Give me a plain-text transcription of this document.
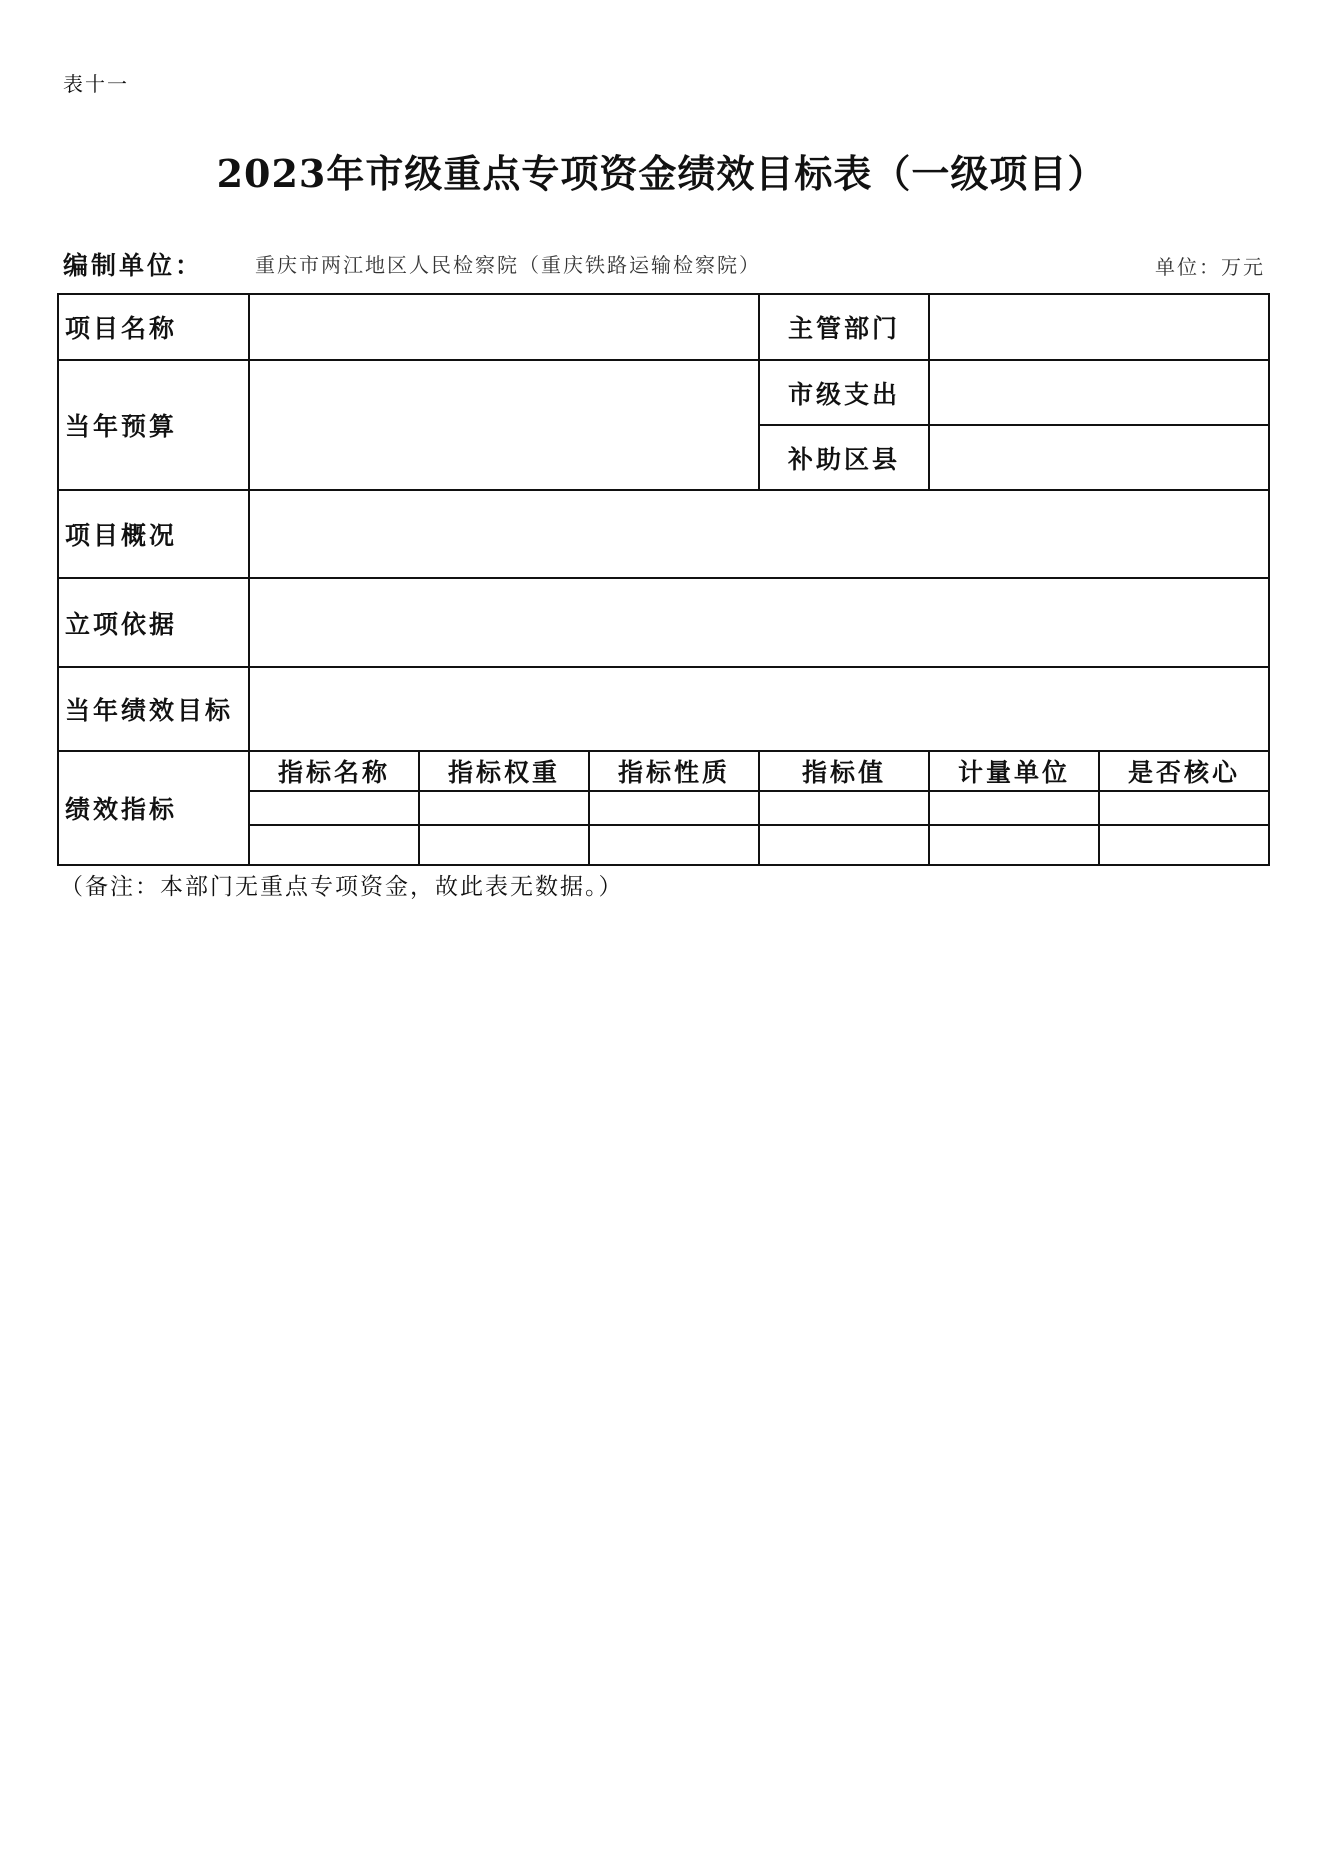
表十一
2023年市级重点专项资金绩效目标表（一级项目）
编制单位：	重庆市两江地区人民检察院（重庆铁路运输检察院）	单位：万元
项目名称				主管部门		
当年预算				市级支出		
				补助区县		
项目概况						
立项依据						
当年绩效目标						
绩效指标	指标名称	指标权重	指标性质	指标值	计量单位	是否核心

（备注：本部门无重点专项资金，故此表无数据。）
